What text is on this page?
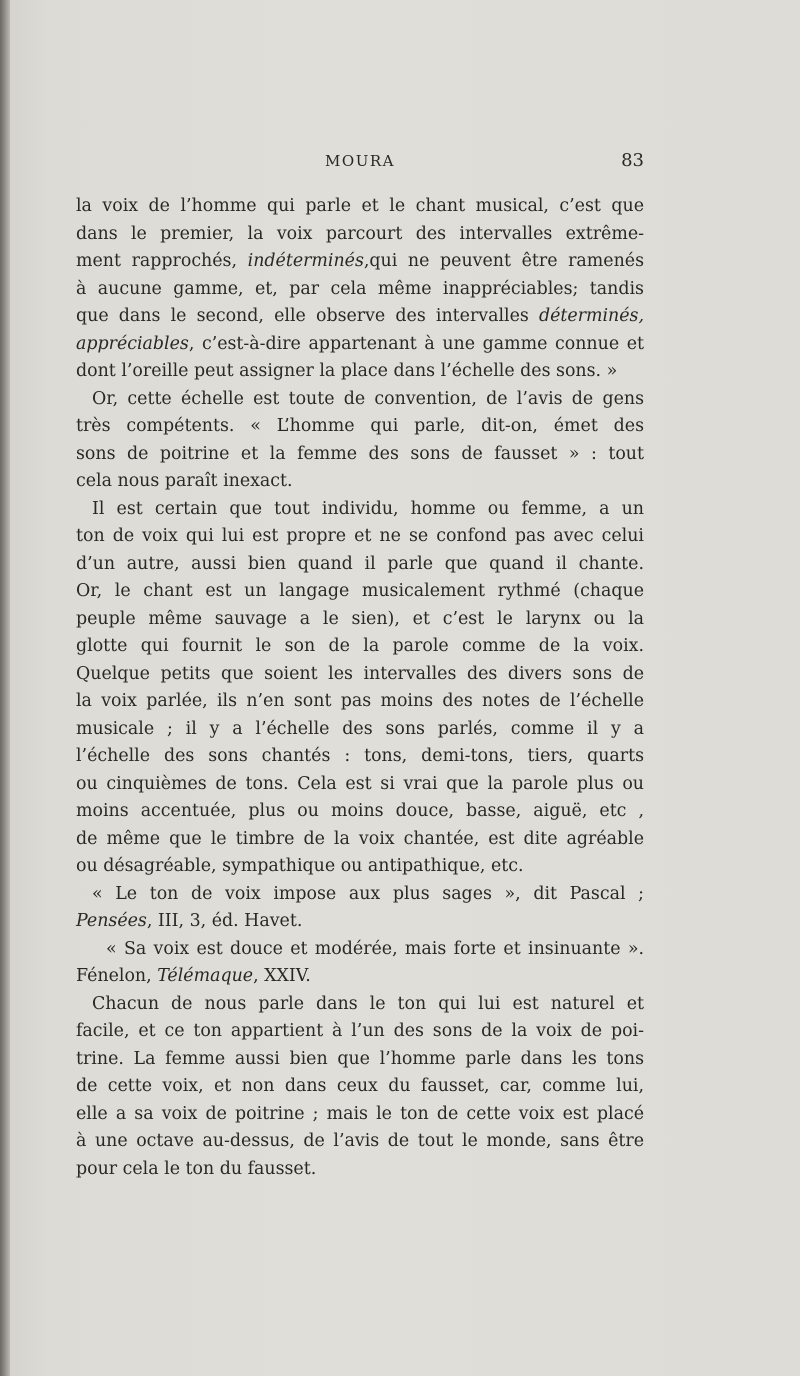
MOURA	83
la voix de l’homme qui parle et le chant musical, c’est que
dans le premier, la voix parcourt des intervalles extrême-
ment rapprochés, indéterminés,qui ne peuvent être ramenés
à aucune gamme, et, par cela même inappréciables; tandis
que dans le second, elle observe des intervalles déterminés,
appréciables, c’est-à-dire appartenant à une gamme connue et
dont l’oreille peut assigner la place dans l’échelle des sons. »
Or, cette échelle est toute de convention, de l’avis de gens
très compétents. « L’homme qui parle, dit-on, émet des
sons de poitrine et la femme des sons de fausset » : tout
cela nous paraît inexact.
Il est certain que tout individu, homme ou femme, a un
ton de voix qui lui est propre et ne se confond pas avec celui
d’un autre, aussi bien quand il parle que quand il chante.
Or, le chant est un langage musicalement rythmé (chaque
peuple même sauvage a le sien), et c’est le larynx ou la
glotte qui fournit le son de la parole comme de la voix.
Quelque petits que soient les intervalles des divers sons de
la voix parlée, ils n’en sont pas moins des notes de l’échelle
musicale ; il y a l’échelle des sons parlés, comme il y a
l’échelle des sons chantés : tons, demi-tons, tiers, quarts
ou cinquièmes de tons. Cela est si vrai que la parole plus ou
moins accentuée, plus ou moins douce, basse, aiguë, etc ,
de même que le timbre de la voix chantée, est dite agréable
ou désagréable, sympathique ou antipathique, etc.
« Le ton de voix impose aux plus sages », dit Pascal ;
Pensées, III, 3, éd. Havet.
« Sa voix est douce et modérée, mais forte et insinuante ».
Fénelon, Télémaque, XXIV.
Chacun de nous parle dans le ton qui lui est naturel et
facile, et ce ton appartient à l’un des sons de la voix de poi-
trine. La femme aussi bien que l’homme parle dans les tons
de cette voix, et non dans ceux du fausset, car, comme lui,
elle a sa voix de poitrine ; mais le ton de cette voix est placé
à une octave au-dessus, de l’avis de tout le monde, sans être
pour cela le ton du fausset.
